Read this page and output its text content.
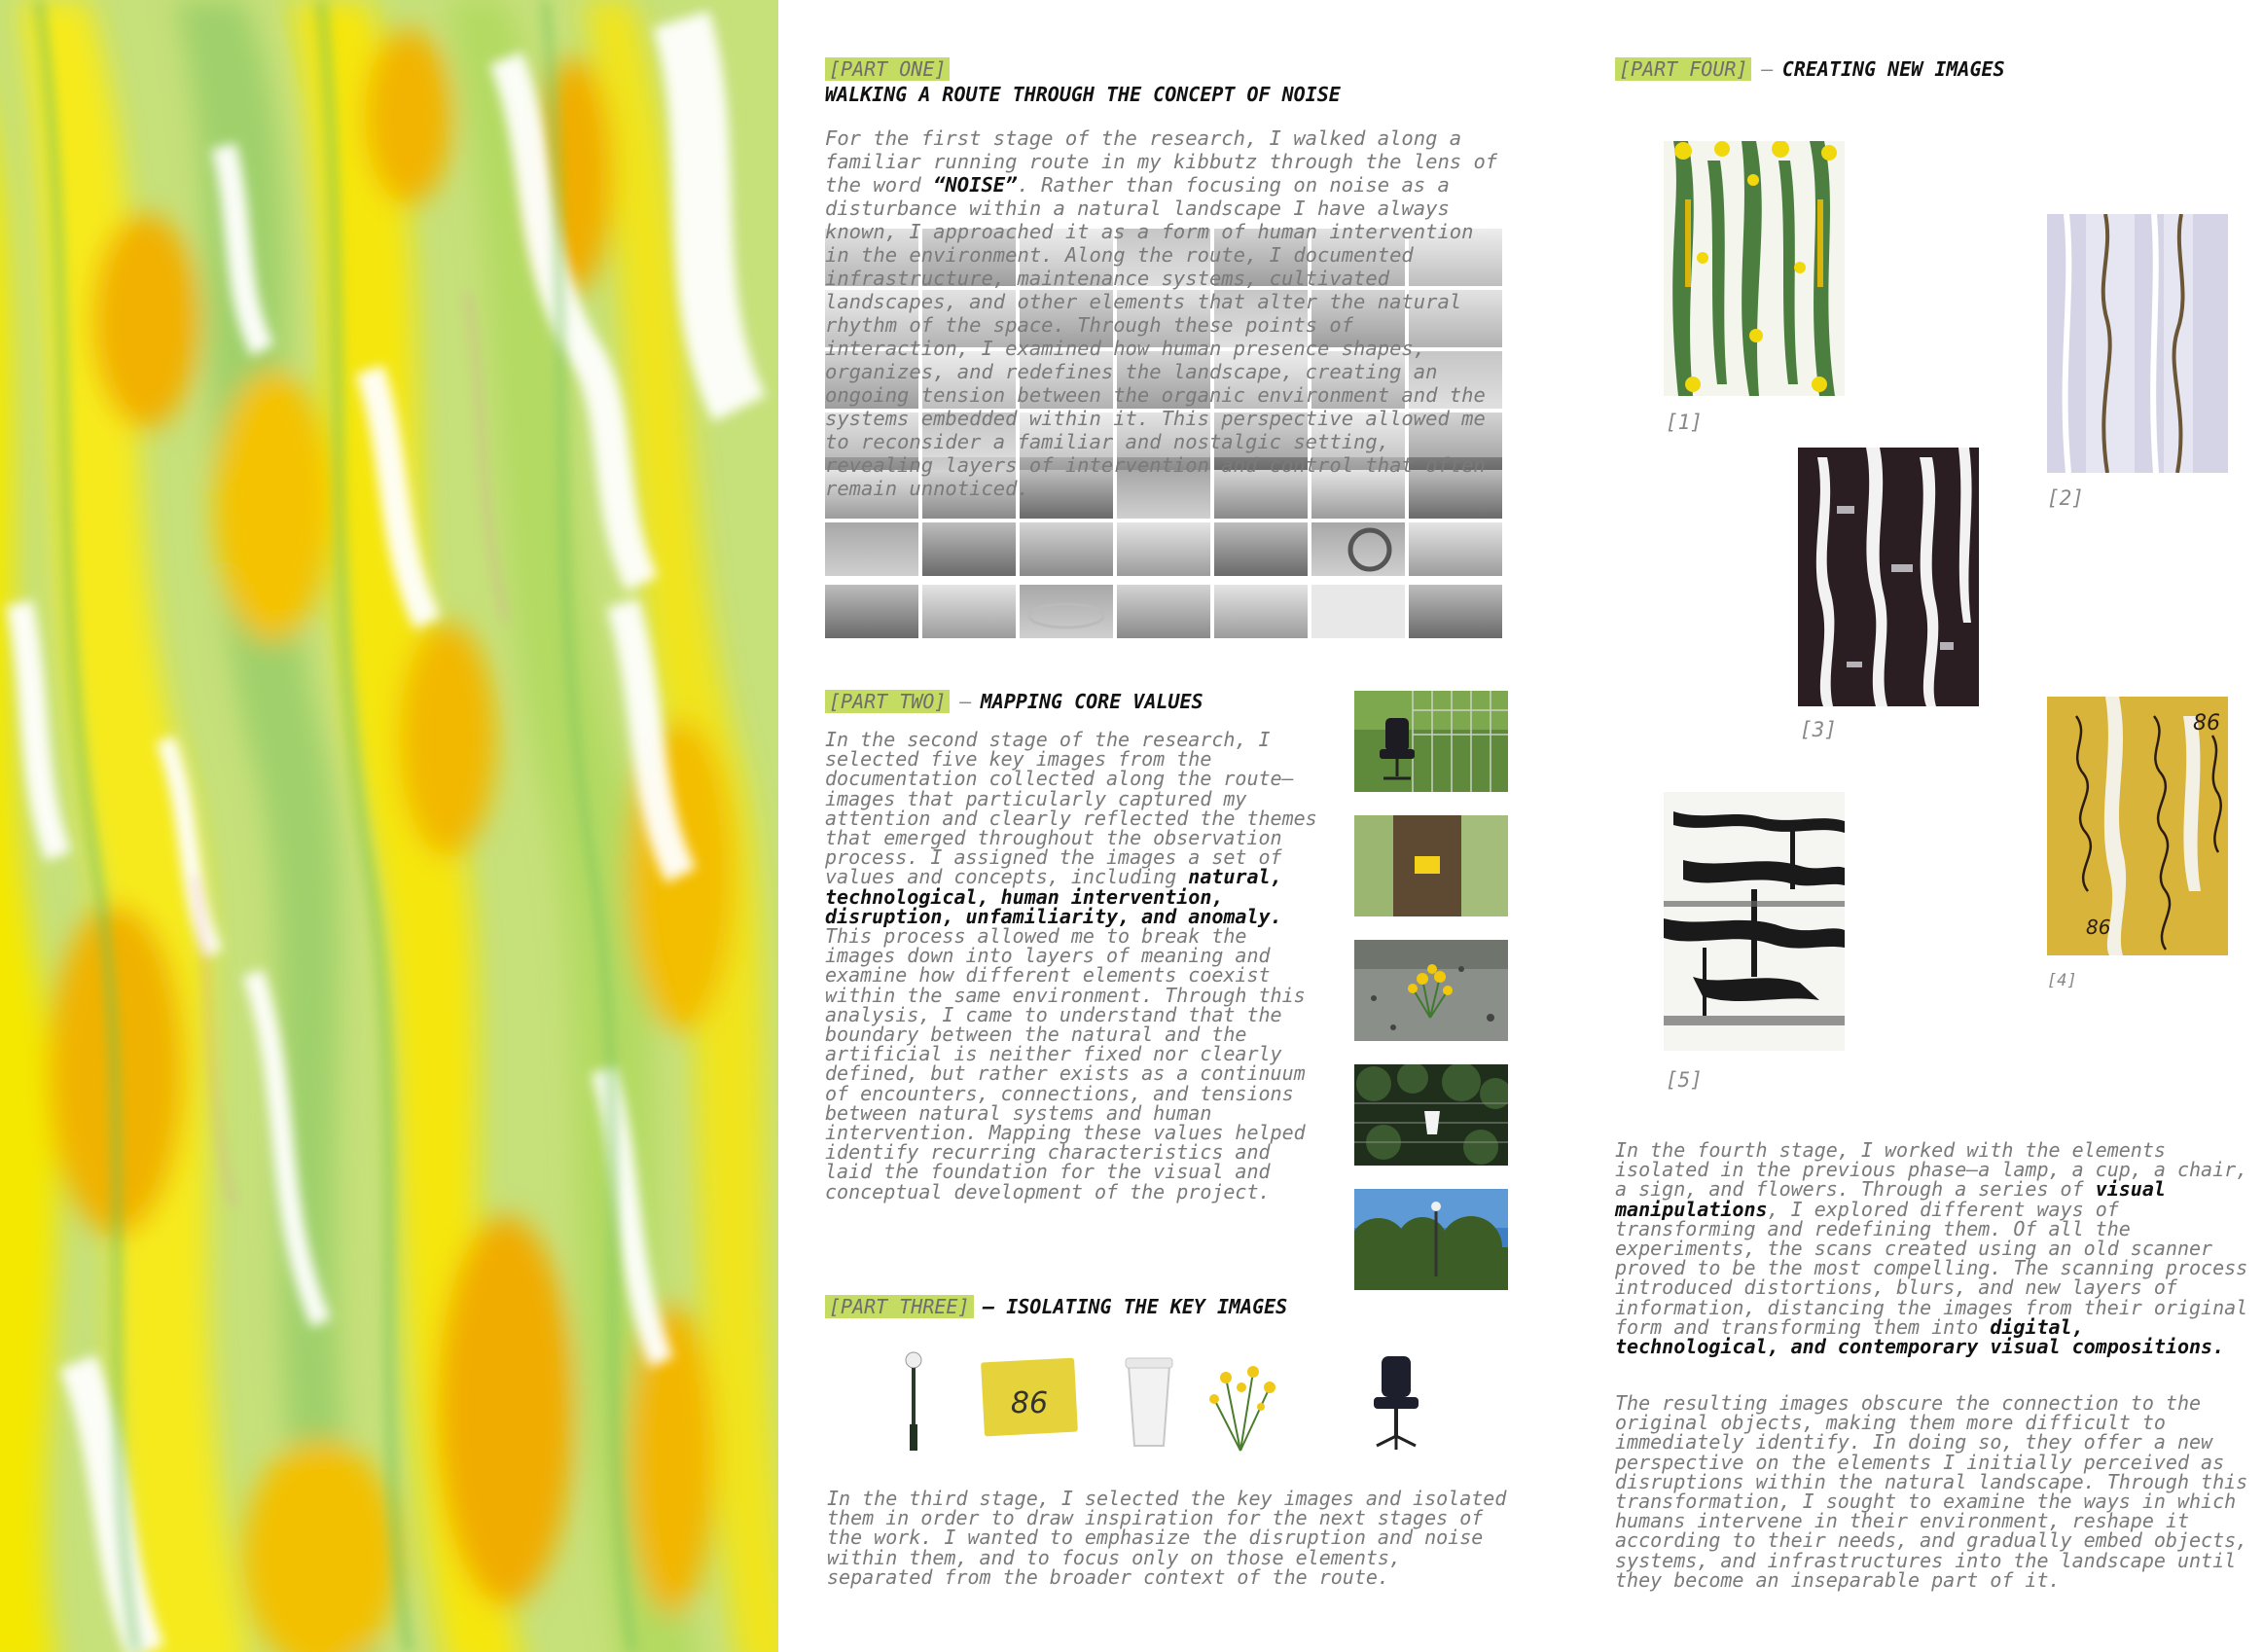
[PART ONE]
WALKING A ROUTE THROUGH THE CONCEPT OF NOISE

For the first stage of the research, I walked along a familiar running route in my kibbutz through the lens of the word “NOISE”. Rather than focusing on noise as a disturbance within a natural landscape I have always known, I approached it as a form of human intervention in the environment. Along the route, I documented infrastructure, maintenance systems, cultivated landscapes, and other elements that alter the natural rhythm of the space. Through these points of interaction, I examined how human presence shapes, organizes, and redefines the landscape, creating an ongoing tension between the organic environment and the systems embedded within it. This perspective allowed me to reconsider a familiar and nostalgic setting, revealing layers of intervention and control that often remain unnoticed.

[PART TWO] – MAPPING CORE VALUES

In the second stage of the research, I selected five key images from the documentation collected along the route—images that particularly captured my attention and clearly reflected the themes that emerged throughout the observation process. I assigned the images a set of values and concepts, including natural, technological, human intervention, disruption, unfamiliarity, and anomaly.
This process allowed me to break the images down into layers of meaning and examine how different elements coexist within the same environment. Through this analysis, I came to understand that the boundary between the natural and the artificial is neither fixed nor clearly defined, but rather exists as a continuum of encounters, connections, and tensions between natural systems and human intervention. Mapping these values helped identify recurring characteristics and laid the foundation for the visual and conceptual development of the project.

[PART THREE] – ISOLATING THE KEY IMAGES
86

In the third stage, I selected the key images and isolated them in order to draw inspiration for the next stages of the work. I wanted to emphasize the disruption and noise within them, and to focus only on those elements, separated from the broader context of the route.

[PART FOUR] – CREATING NEW IMAGES
[1]
[2]
[3]	86
86
[4]
[5]

In the fourth stage, I worked with the elements isolated in the previous phase—a lamp, a cup, a chair, a sign, and flowers. Through a series of visual manipulations, I explored different ways of transforming and redefining them. Of all the experiments, the scans created using an old scanner proved to be the most compelling. The scanning process introduced distortions, blurs, and new layers of information, distancing the images from their original form and transforming them into digital, technological, and contemporary visual compositions.

The resulting images obscure the connection to the original objects, making them more difficult to immediately identify. In doing so, they offer a new perspective on the elements I initially perceived as disruptions within the natural landscape. Through this transformation, I sought to examine the ways in which humans intervene in their environment, reshape it according to their needs, and gradually embed objects, systems, and infrastructures into the landscape until they become an inseparable part of it.
